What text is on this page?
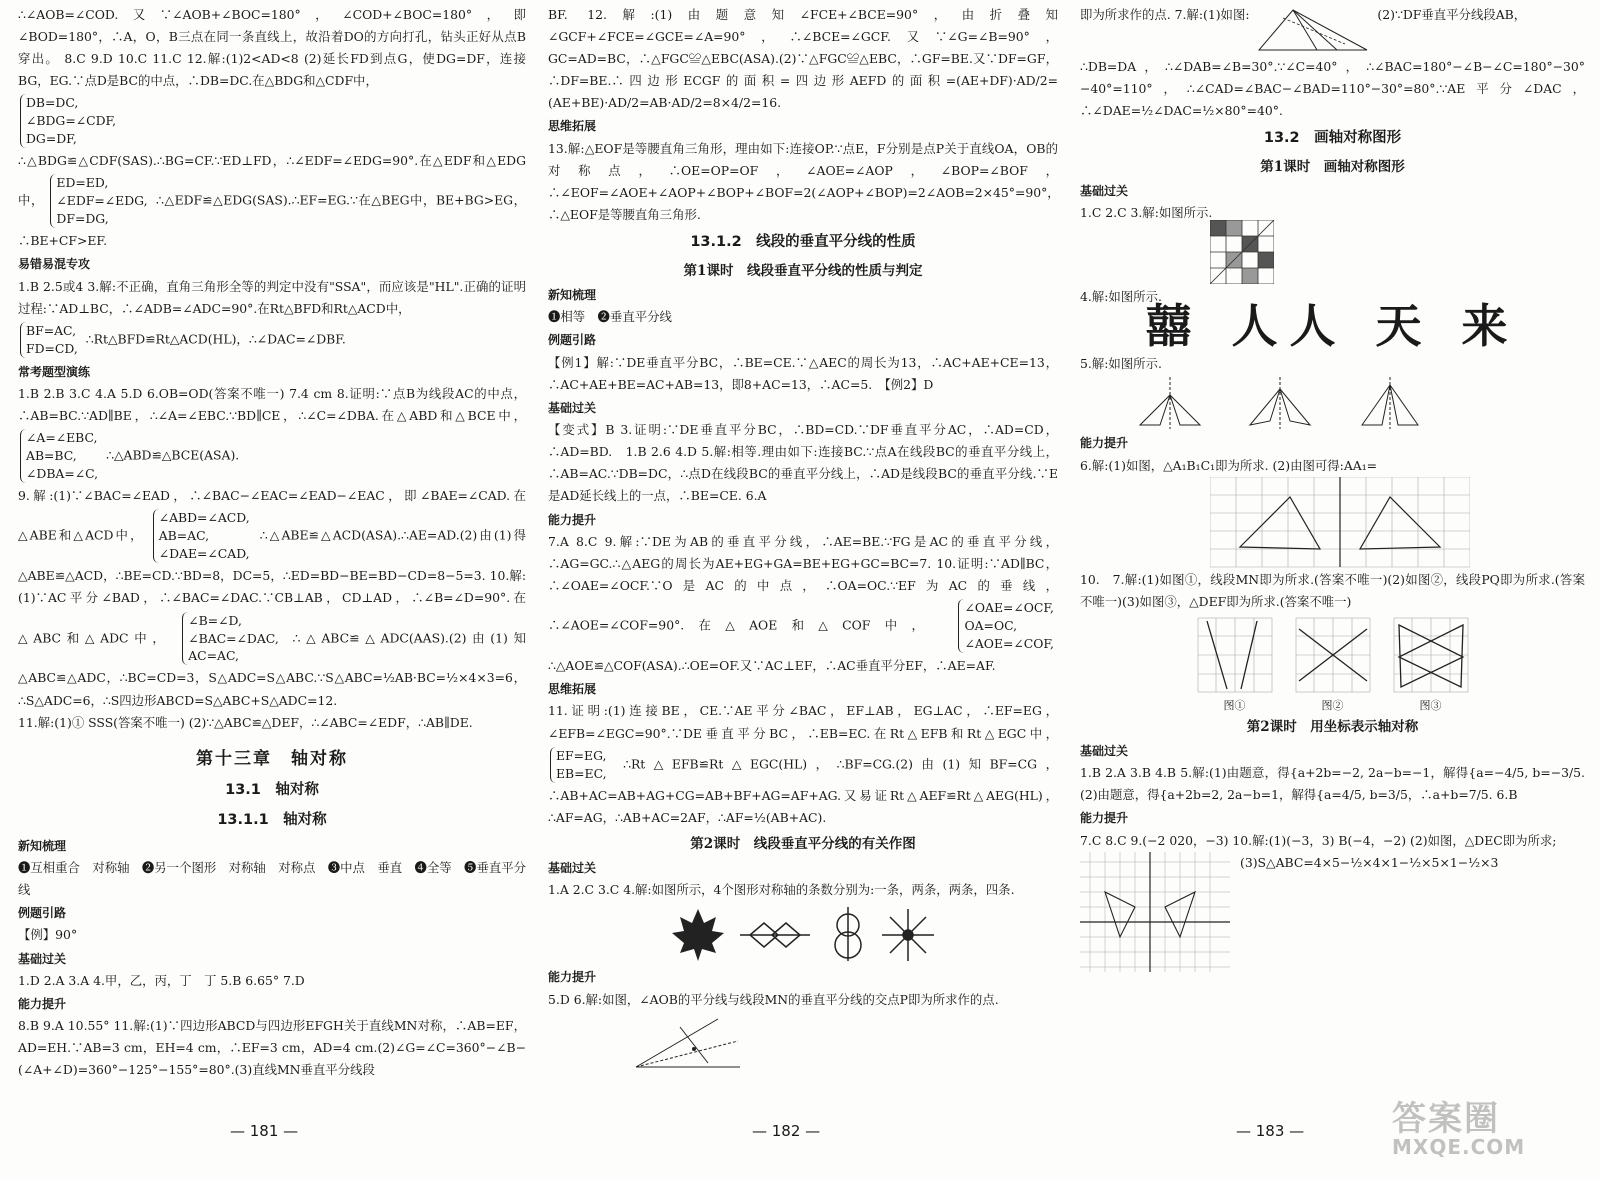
∴∠AOB=∠COD.又∵∠AOB+∠BOC=180°，∠COD+∠BOC=180°，即∠BOD=180°，∴A，O，B三点在同一条直线上，故沿着DO的方向打孔，钻头正好从点B穿出。 8.C 9.D 10.C 11.C 12.解:(1)2<AD<8 (2)延长FD到点G，使DG=DF，连接BG，EG.∵点D是BC的中点，∴DB=DC.在△BDG和△CDF中，

DB=DC,
∠BDG=∠CDF,
DG=DF,

∴△BDG≌△CDF(SAS).∴BG=CF.∵ED⊥FD，∴∠EDF=∠EDG=90°.在△EDF和△EDG中， ED=ED,
∠EDF=∠EDG,
DF=DG, ∴△EDF≌△EDG(SAS).∴EF=EG.∵在△BEG中，BE+BG>EG，∴BE+CF>EF.

易错易混专攻

1.B 2.5或4 3.解:不正确，直角三角形全等的判定中没有"SSA"，而应该是"HL".正确的证明过程:∵AD⊥BC，∴∠ADB=∠ADC=90°.在Rt△BFD和Rt△ACD中，

BF=AC,
FD=CD, ∴Rt△BFD≌Rt△ACD(HL)，∴∠DAC=∠DBF.

常考题型演练

1.B 2.B 3.C 4.A 5.D 6.OB=OD(答案不唯一) 7.4 cm 8.证明:∵点B为线段AC的中点，∴AB=BC.∵AD∥BE，∴∠A=∠EBC.∵BD∥CE，∴∠C=∠DBA.在△ABD和△BCE中， ∠A=∠EBC,
AB=BC,
∠DBA=∠C, ∴△ABD≌△BCE(ASA).

9.解:(1)∵∠BAC=∠EAD，∴∠BAC−∠EAC=∠EAD−∠EAC，即∠BAE=∠CAD.在△ABE和△ACD中， ∠ABD=∠ACD,
AB=AC,
∠DAE=∠CAD, ∴△ABE≌△ACD(ASA).∴AE=AD.(2)由(1)得△ABE≌△ACD，∴BE=CD.∵BD=8，DC=5，∴ED=BD−BE=BD−CD=8−5=3. 10.解:(1)∵AC平分∠BAD，∴∠BAC=∠DAC.∵CB⊥AB，CD⊥AD，∴∠B=∠D=90°.在△ABC和△ADC中， ∠B=∠D,
∠BAC=∠DAC,
AC=AC, ∴△ABC≌△ADC(AAS).(2)由(1)知△ABC≌△ADC，∴BC=CD=3，S△ADC=S△ABC.∵S△ABC=½AB·BC=½×4×3=6，∴S△ADC=6，∴S四边形ABCD=S△ABC+S△ADC=12.

11.解:(1)① SSS(答案不唯一) (2)∵△ABC≌△DEF，∴∠ABC=∠EDF，∴AB∥DE.

第十三章　轴对称
13.1　轴对称
13.1.1　轴对称
新知梳理

❶互相重合　对称轴　❷另一个图形　对称轴　对称点　❸中点　垂直　❹全等　❺垂直平分线

例题引路

【例】90°

基础过关

1.D 2.A 3.A 4.甲，乙，丙，丁　丁 5.B 6.65° 7.D

能力提升

8.B 9.A 10.55° 11.解:(1)∵四边形ABCD与四边形EFGH关于直线MN对称，∴AB=EF，AD=EH.∵AB=3 cm，EH=4 cm，∴EF=3 cm，AD=4 cm.(2)∠G=∠C=360°−∠B−(∠A+∠D)=360°−125°−155°=80°.(3)直线MN垂直平分线段

— 181 —

BF. 12.解:(1)由题意知∠FCE+∠BCE=90°，由折叠知∠GCF+∠FCE=∠GCE=∠A=90°，∴∠BCE=∠GCF.又∵∠G=∠B=90°，GC=AD=BC，∴△FGC≌△EBC(ASA).(2)∵△FGC≌△EBC，∴GF=BE.又∵DF=GF，∴DF=BE.∴四边形ECGF的面积=四边形AEFD的面积=(AE+DF)·AD/2=(AE+BE)·AD/2=AB·AD/2=8×4/2=16.

思维拓展

13.解:△EOF是等腰直角三角形，理由如下:连接OP.∵点E，F分别是点P关于直线OA，OB的对称点，∴OE=OP=OF，∠AOE=∠AOP，∠BOP=∠BOF，∴∠EOF=∠AOE+∠AOP+∠BOP+∠BOF=2(∠AOP+∠BOP)=2∠AOB=2×45°=90°，∴△EOF是等腰直角三角形.

13.1.2　线段的垂直平分线的性质
第1课时　线段垂直平分线的性质与判定
新知梳理

❶相等　❷垂直平分线

例题引路

【例1】解:∵DE垂直平分BC，∴BE=CE.∵△AEC的周长为13，∴AC+AE+CE=13，∴AC+AE+BE=AC+AB=13，即8+AC=13，∴AC=5.　【例2】D

基础过关

【变式】B 3.证明:∵DE垂直平分BC，∴BD=CD.∵DF垂直平分AC，∴AD=CD，∴AD=BD.　1.B 2.6 4.D 5.解:相等.理由如下:连接BC.∵点A在线段BC的垂直平分线上，∴AB=AC.∵DB=DC，∴点D在线段BC的垂直平分线上，∴AD是线段BC的垂直平分线.∵E是AD延长线上的一点，∴BE=CE. 6.A

能力提升

7.A 8.C 9.解:∵DE为AB的垂直平分线，∴AE=BE.∵FG是AC的垂直平分线，∴AG=GC.∴△AEG的周长为AE+EG+GA=BE+EG+GC=BC=7. 10.证明:∵AD∥BC，∴∠OAE=∠OCF.∵O是AC的中点，∴OA=OC.∵EF为AC的垂线，∴∠AOE=∠COF=90°.在△AOE和△COF中， ∠OAE=∠OCF,
OA=OC,
∠AOE=∠COF, ∴△AOE≌△COF(ASA).∴OE=OF.又∵AC⊥EF，∴AC垂直平分EF，∴AE=AF.

思维拓展

11.证明:(1)连接BE，CE.∵AE平分∠BAC，EF⊥AB，EG⊥AC，∴EF=EG，∠EFB=∠EGC=90°.∵DE垂直平分BC，∴EB=EC.在Rt△EFB和Rt△EGC中， EF=EG,
EB=EC, ∴Rt△EFB≌Rt△EGC(HL)，∴BF=CG.(2)由(1)知BF=CG，∴AB+AC=AB+AG+CG=AB+BF+AG=AF+AG.又易证Rt△AEF≌Rt△AEG(HL)，∴AF=AG，∴AB+AC=2AF，∴AF=½(AB+AC).

第2课时　线段垂直平分线的有关作图
基础过关

1.A 2.C 3.C 4.解:如图所示，4个图形对称轴的条数分别为:一条，两条，两条，四条.

能力提升

5.D 6.解:如图，∠AOB的平分线与线段MN的垂直平分线的交点P即为所求作的点.

— 182 —

即为所求作的点. 7.解:(1)如图:	(2)∵DF垂直平分线段AB，

∴DB=DA，∴∠DAB=∠B=30°.∵∠C=40°，∴∠BAC=180°−∠B−∠C=180°−30°−40°=110°，∴∠CAD=∠BAC−∠BAD=110°−30°=80°.∵AE平分∠DAC，∴∠DAE=½∠DAC=½×80°=40°.

13.2　画轴对称图形
第1课时　画轴对称图形
基础过关

1.C 2.C 3.解:如图所示.

4.解:如图所示.

囍 人人 天 来

5.解:如图所示.

能力提升

6.解:(1)如图，△A₁B₁C₁即为所求. (2)由图可得:AA₁=

10.　7.解:(1)如图①，线段MN即为所求.(答案不唯一)(2)如图②，线段PQ即为所求.(答案不唯一)(3)如图③，△DEF即为所求.(答案不唯一)

图①	图②	图③
第2课时　用坐标表示轴对称
基础过关

1.B 2.A 3.B 4.B 5.解:(1)由题意，得{a+2b=−2, 2a−b=−1，解得{a=−4/5, b=−3/5.(2)由题意，得{a+2b=2, 2a−b=1，解得{a=4/5, b=3/5，∴a+b=7/5. 6.B

能力提升

7.C 8.C 9.(−2 020，−3) 10.解:(1)(−3，3) B(−4，−2) (2)如图，△DEC即为所求;

(3)S△ABC=4×5−½×4×1−½×5×1−½×3

— 183 —	答案圈
MXQE.COM
